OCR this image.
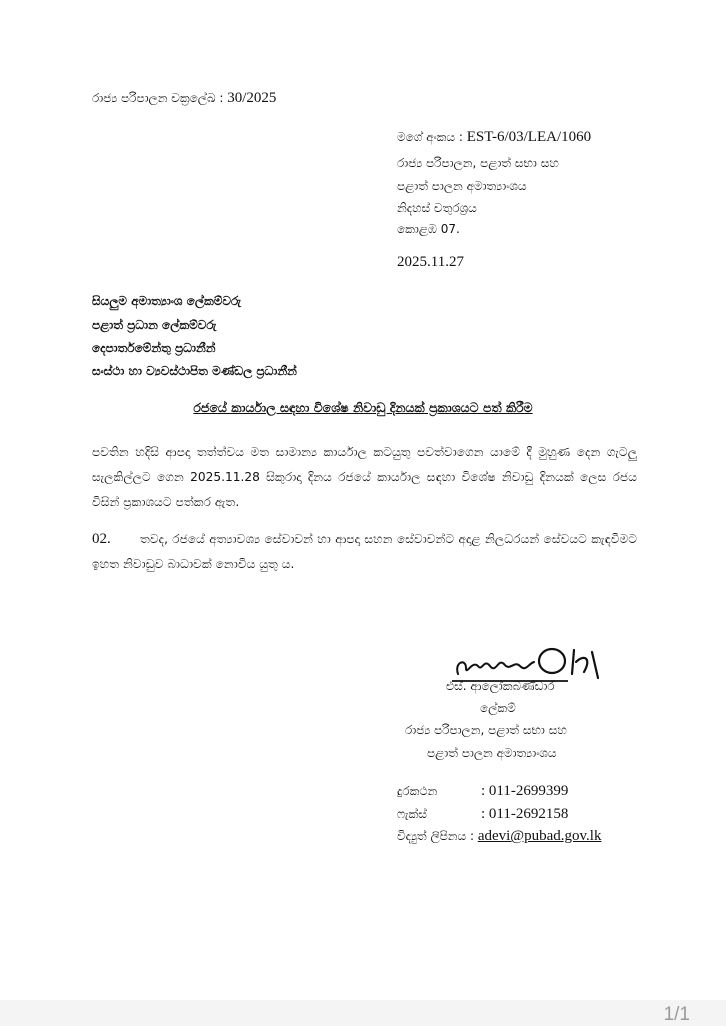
රාජ්‍ය පරිපාලන චක්‍රලේඛ : 30/2025
මගේ අංකය : EST-6/03/LEA/1060
රාජ්‍ය පරිපාලන, පළාත් සභා සහ
පළාත් පාලන අමාත්‍යාංශය
නිදහස් චතුරශ්‍රය
කොළඹ 07.
2025.11.27
සියලුම අමාත්‍යාංශ ලේකම්වරු
පළාත් ප්‍රධාන ලේකම්වරු
දෙපාර්තමේන්තු ප්‍රධානීන්
සංස්ථා හා ව්‍යවස්ථාපිත මණ්ඩල ප්‍රධානීන්
රජයේ කාර්යාල සඳහා විශේෂ නිවාඩු දිනයක් ප්‍රකාශයට පත් කිරීම
පවතින හදිසි ආපදා තත්ත්වය මත සාමාන්‍ය කාර්යාල කටයුතු පවත්වාගෙන යාමේ දී මුහුණ දෙන ගැටලු සැලකිල්ලට ගෙන 2025.11.28 සිකුරාදා දිනය රජයේ කාර්යාල සඳහා විශේෂ නිවාඩු දිනයක් ලෙස රජය විසින් ප්‍රකාශයට පත්කර ඇත.
02. තවද, රජයේ අත්‍යාවශ්‍ය සේවාවන් හා ආපදා සහන සේවාවන්ට අදාළ නිලධරයන් සේවයට කැඳවීමට ඉහත නිවාඩුව බාධාවක් නොවිය යුතු ය.
එස්. ආලෝකබණ්ඩාර
ලේකම්
රාජ්‍ය පරිපාලන, පළාත් සභා සහ
පළාත් පාලන අමාත්‍යාංශය
දුරකථන	: 011-2699399
ෆැක්ස්	: 011-2692158
විද්‍යුත් ලිපිනය : adevi@pubad.gov.lk
1/1
